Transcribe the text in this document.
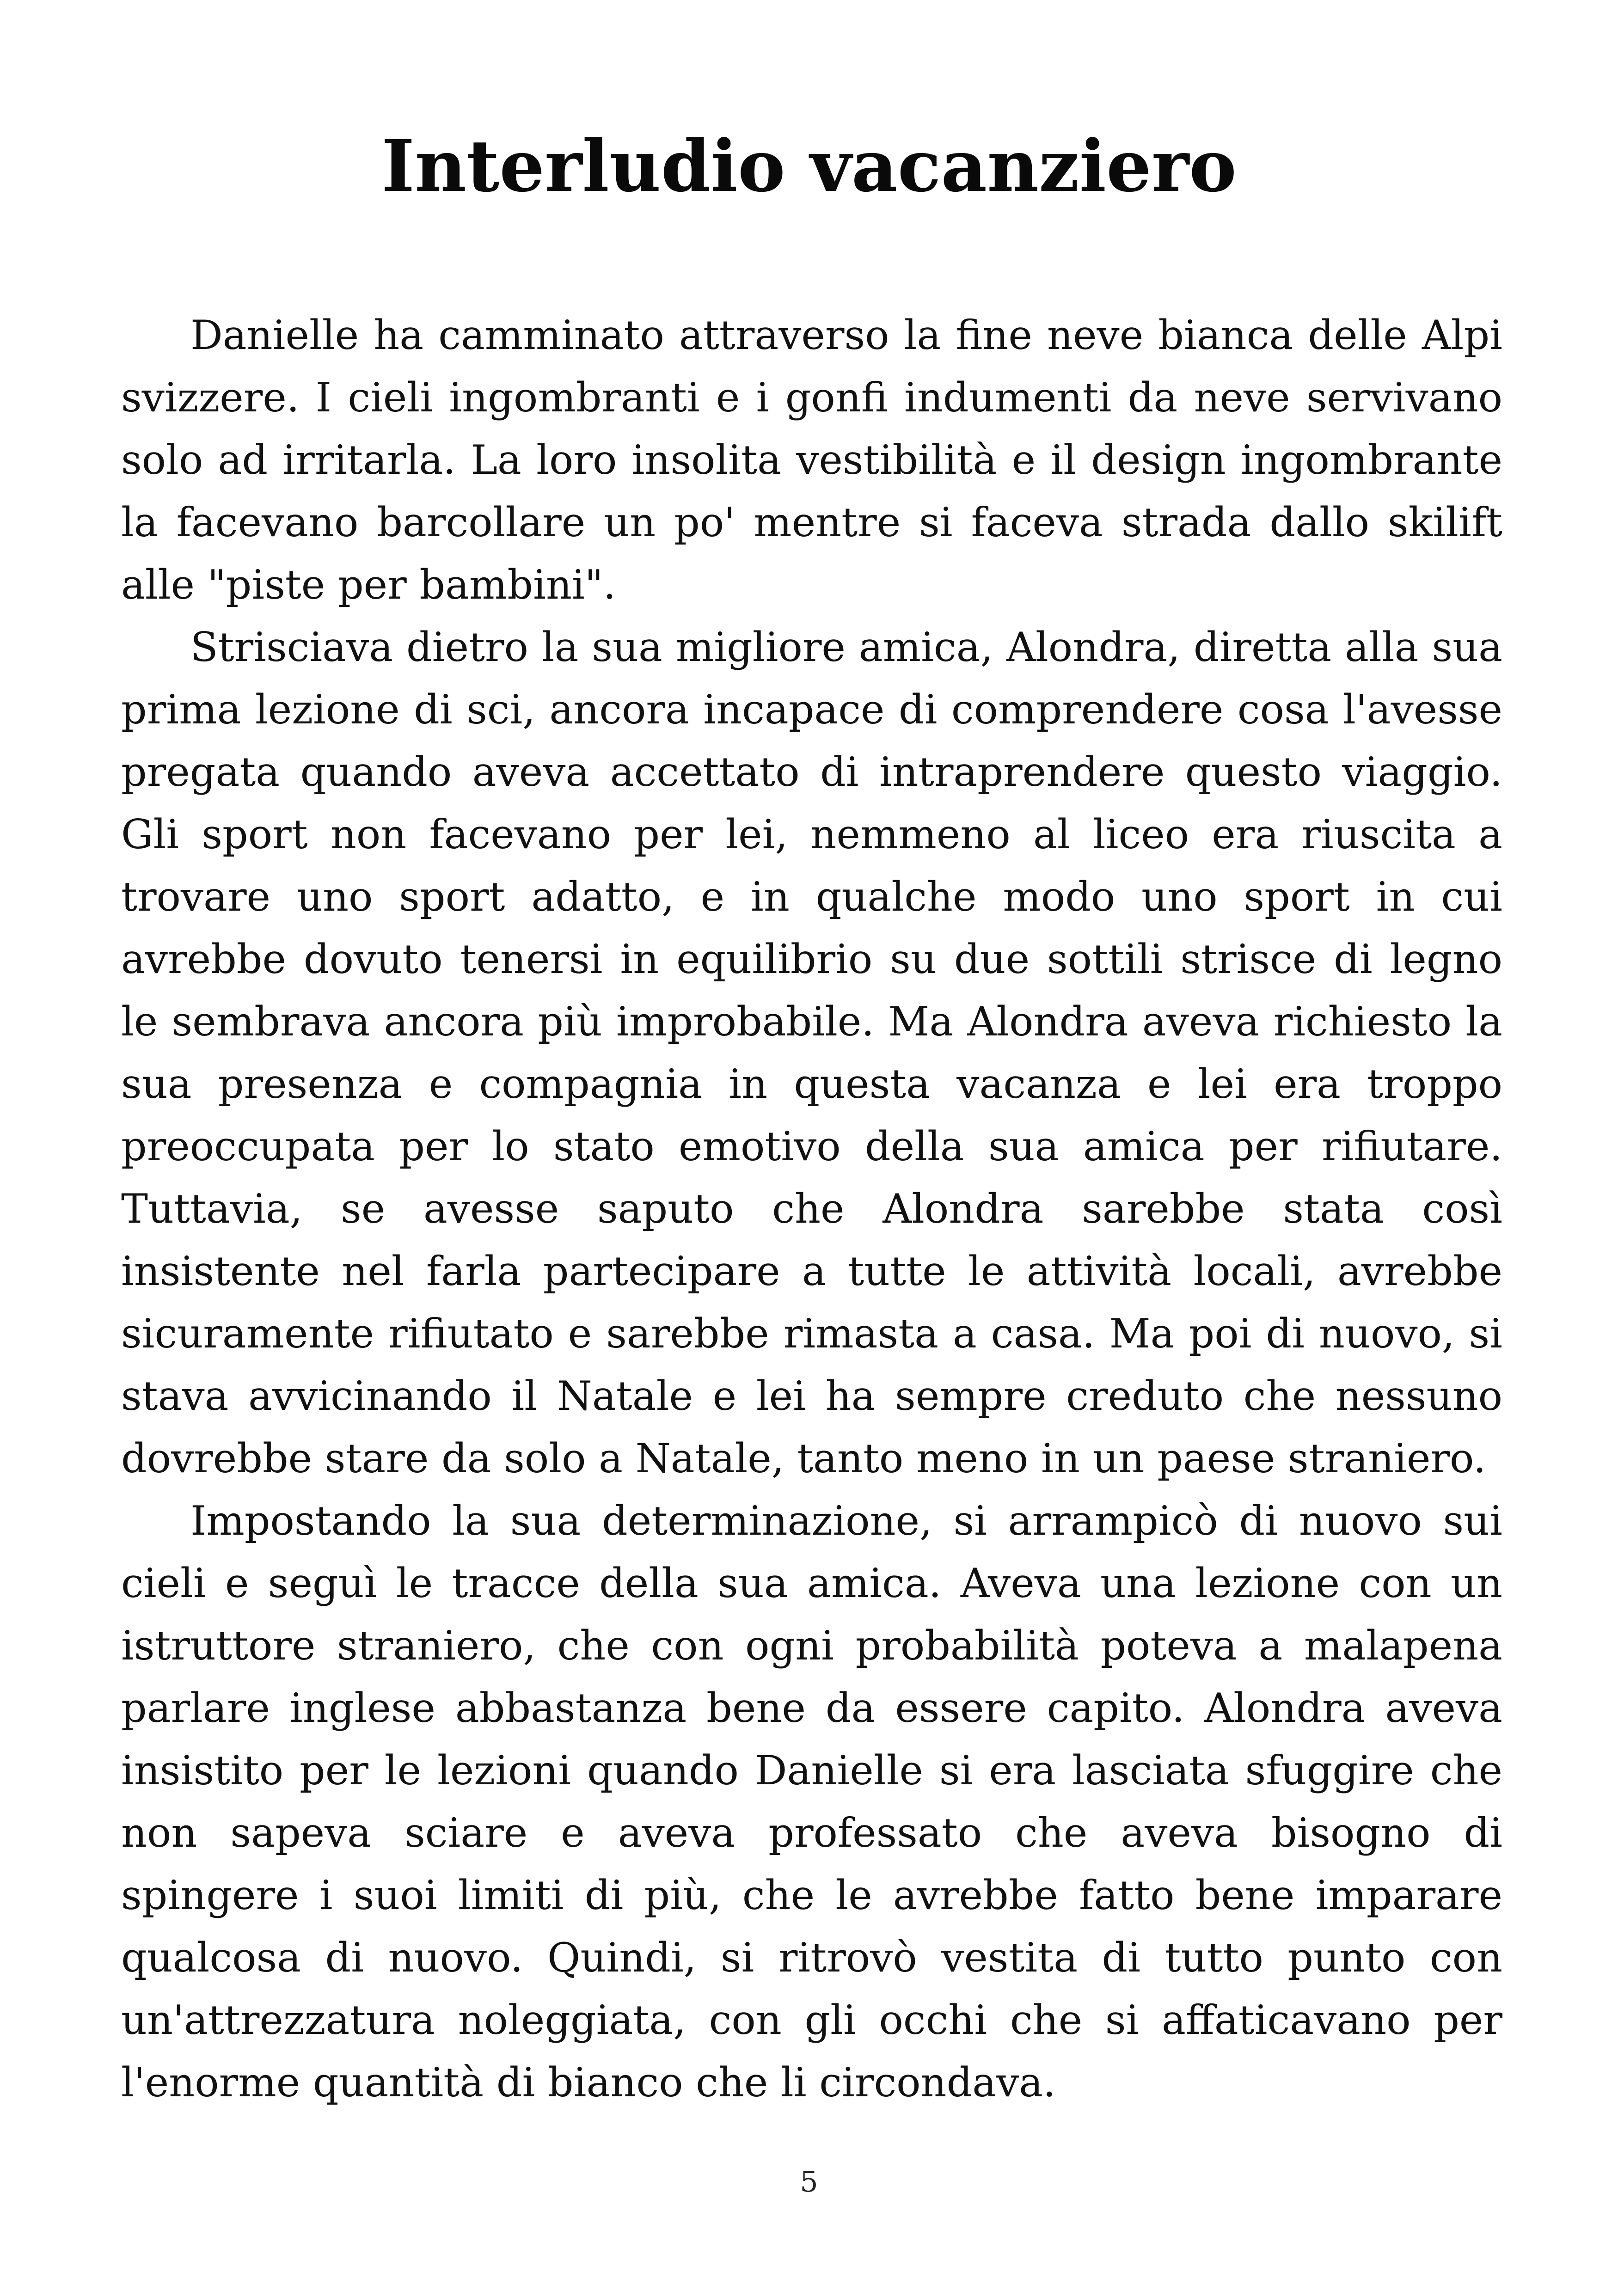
Interludio vacanziero

Danielle ha camminato attraverso la fine neve bianca delle Alpi svizzere. I cieli ingombranti e i gonfi indumenti da neve servivano solo ad irritarla. La loro insolita vestibilità e il design ingombrante la facevano barcollare un po' mentre si faceva strada dallo skilift alle "piste per bambini".

Strisciava dietro la sua migliore amica, Alondra, diretta alla sua prima lezione di sci, ancora incapace di comprendere cosa l'avesse pregata quando aveva accettato di intraprendere questo viaggio. Gli sport non facevano per lei, nemmeno al liceo era riuscita a trovare uno sport adatto, e in qualche modo uno sport in cui avrebbe dovuto tenersi in equilibrio su due sottili strisce di legno le sembrava ancora più improbabile. Ma Alondra aveva richiesto la sua presenza e compagnia in questa vacanza e lei era troppo preoccupata per lo stato emotivo della sua amica per rifiutare. Tuttavia, se avesse saputo che Alondra sarebbe stata così insistente nel farla partecipare a tutte le attività locali, avrebbe sicuramente rifiutato e sarebbe rimasta a casa. Ma poi di nuovo, si stava avvicinando il Natale e lei ha sempre creduto che nessuno dovrebbe stare da solo a Natale, tanto meno in un paese straniero.

Impostando la sua determinazione, si arrampicò di nuovo sui cieli e seguì le tracce della sua amica. Aveva una lezione con un istruttore straniero, che con ogni probabilità poteva a malapena parlare inglese abbastanza bene da essere capito. Alondra aveva insistito per le lezioni quando Danielle si era lasciata sfuggire che non sapeva sciare e aveva professato che aveva bisogno di spingere i suoi limiti di più, che le avrebbe fatto bene imparare qualcosa di nuovo. Quindi, si ritrovò vestita di tutto punto con un'attrezzatura noleggiata, con gli occhi che si affaticavano per l'enorme quantità di bianco che li circondava.

5
